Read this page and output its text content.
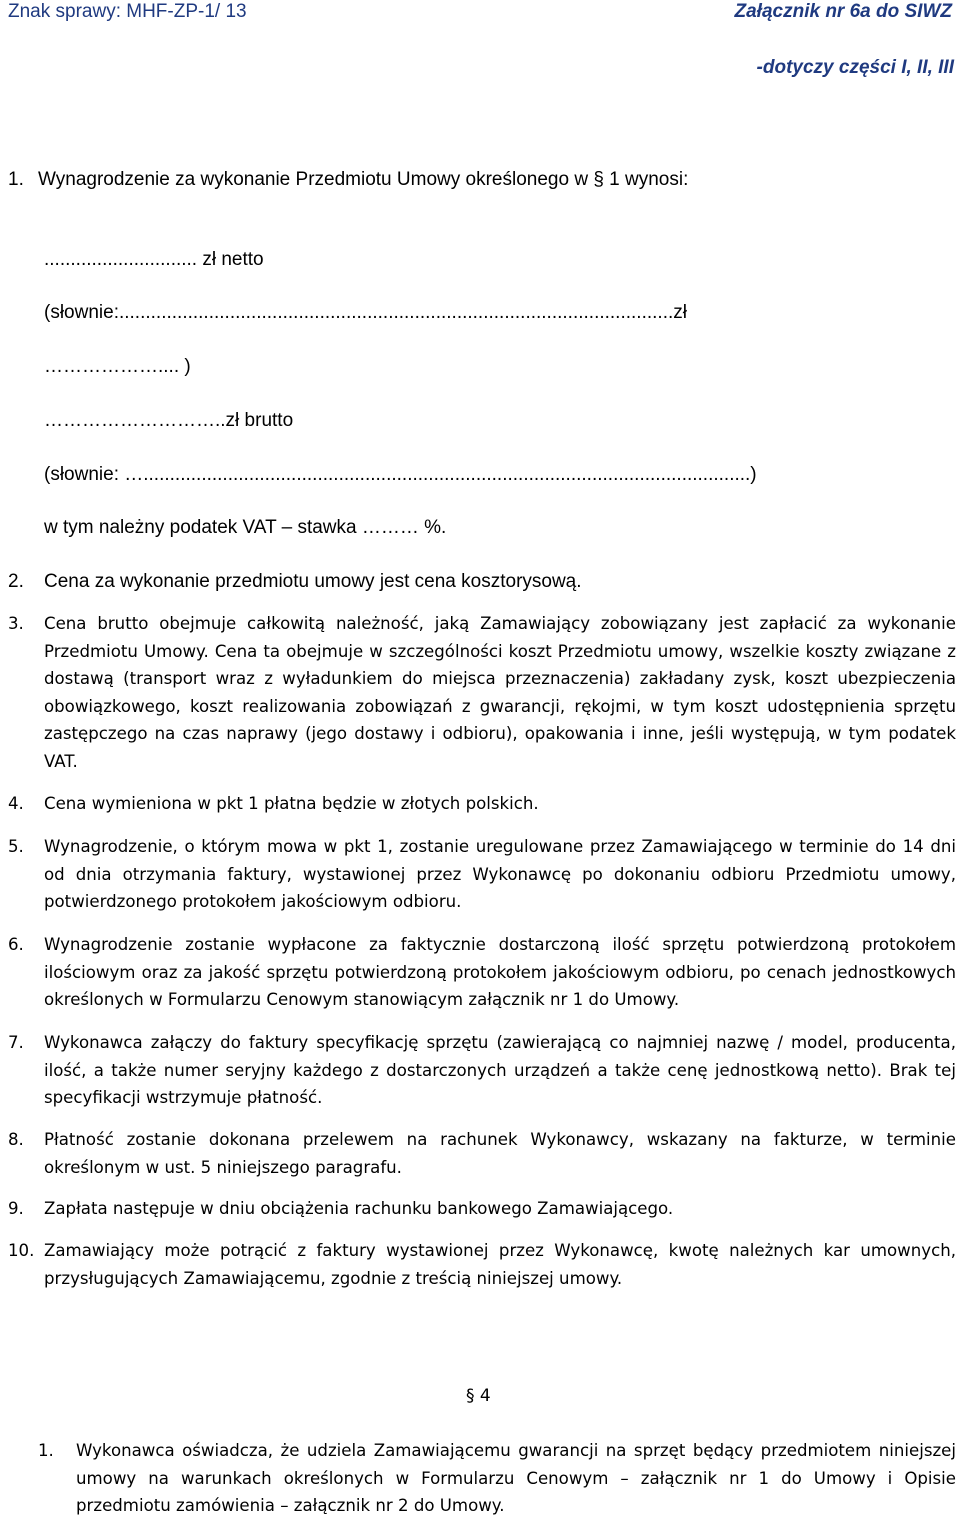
Znak sprawy: MHF-ZP-1/ 13	Załącznik nr 6a do SIWZ
-dotyczy części I, II, III
1. Wynagrodzenie za wykonanie Przedmiotu Umowy określonego w § 1 wynosi:
............................. zł netto
(słownie:.........................................................................................................zł
……………….... )
………………………..zł brutto
(słownie: …...................................................................................................................)
w tym należny podatek VAT – stawka ……… %.
2. Cena za wykonanie przedmiotu umowy jest cena kosztorysową.
3. Cena brutto obejmuje całkowitą należność, jaką Zamawiający zobowiązany jest zapłacić za wykonanie Przedmiotu Umowy. Cena ta obejmuje w szczególności koszt Przedmiotu umowy, wszelkie koszty związane z dostawą (transport wraz z wyładunkiem do miejsca przeznaczenia) zakładany zysk, koszt ubezpieczenia obowiązkowego, koszt realizowania zobowiązań z gwarancji, rękojmi, w tym koszt udostępnienia sprzętu zastępczego na czas naprawy (jego dostawy i odbioru), opakowania i inne, jeśli występują, w tym podatek VAT.
4. Cena wymieniona w pkt 1 płatna będzie w złotych polskich.
5. Wynagrodzenie, o którym mowa w pkt 1, zostanie uregulowane przez Zamawiającego w terminie do 14 dni od dnia otrzymania faktury, wystawionej przez Wykonawcę po dokonaniu odbioru Przedmiotu umowy, potwierdzonego protokołem jakościowym odbioru.
6. Wynagrodzenie zostanie wypłacone za faktycznie dostarczoną ilość sprzętu potwierdzoną protokołem ilościowym oraz za jakość sprzętu potwierdzoną protokołem jakościowym odbioru, po cenach jednostkowych określonych w Formularzu Cenowym stanowiącym załącznik nr 1 do Umowy.
7. Wykonawca załączy do faktury specyfikację sprzętu (zawierającą co najmniej nazwę / model, producenta, ilość, a także numer seryjny każdego z dostarczonych urządzeń a także cenę jednostkową netto). Brak tej specyfikacji wstrzymuje płatność.
8. Płatność zostanie dokonana przelewem na rachunek Wykonawcy, wskazany na fakturze, w terminie określonym w ust. 5 niniejszego paragrafu.
9. Zapłata następuje w dniu obciążenia rachunku bankowego Zamawiającego.
10. Zamawiający może potrącić z faktury wystawionej przez Wykonawcę, kwotę należnych kar umownych, przysługujących Zamawiającemu, zgodnie z treścią niniejszej umowy.
§ 4
1. Wykonawca oświadcza, że udziela Zamawiającemu gwarancji na sprzęt będący przedmiotem niniejszej umowy na warunkach określonych w Formularzu Cenowym – załącznik nr 1 do Umowy i Opisie przedmiotu zamówienia – załącznik nr 2 do Umowy.
